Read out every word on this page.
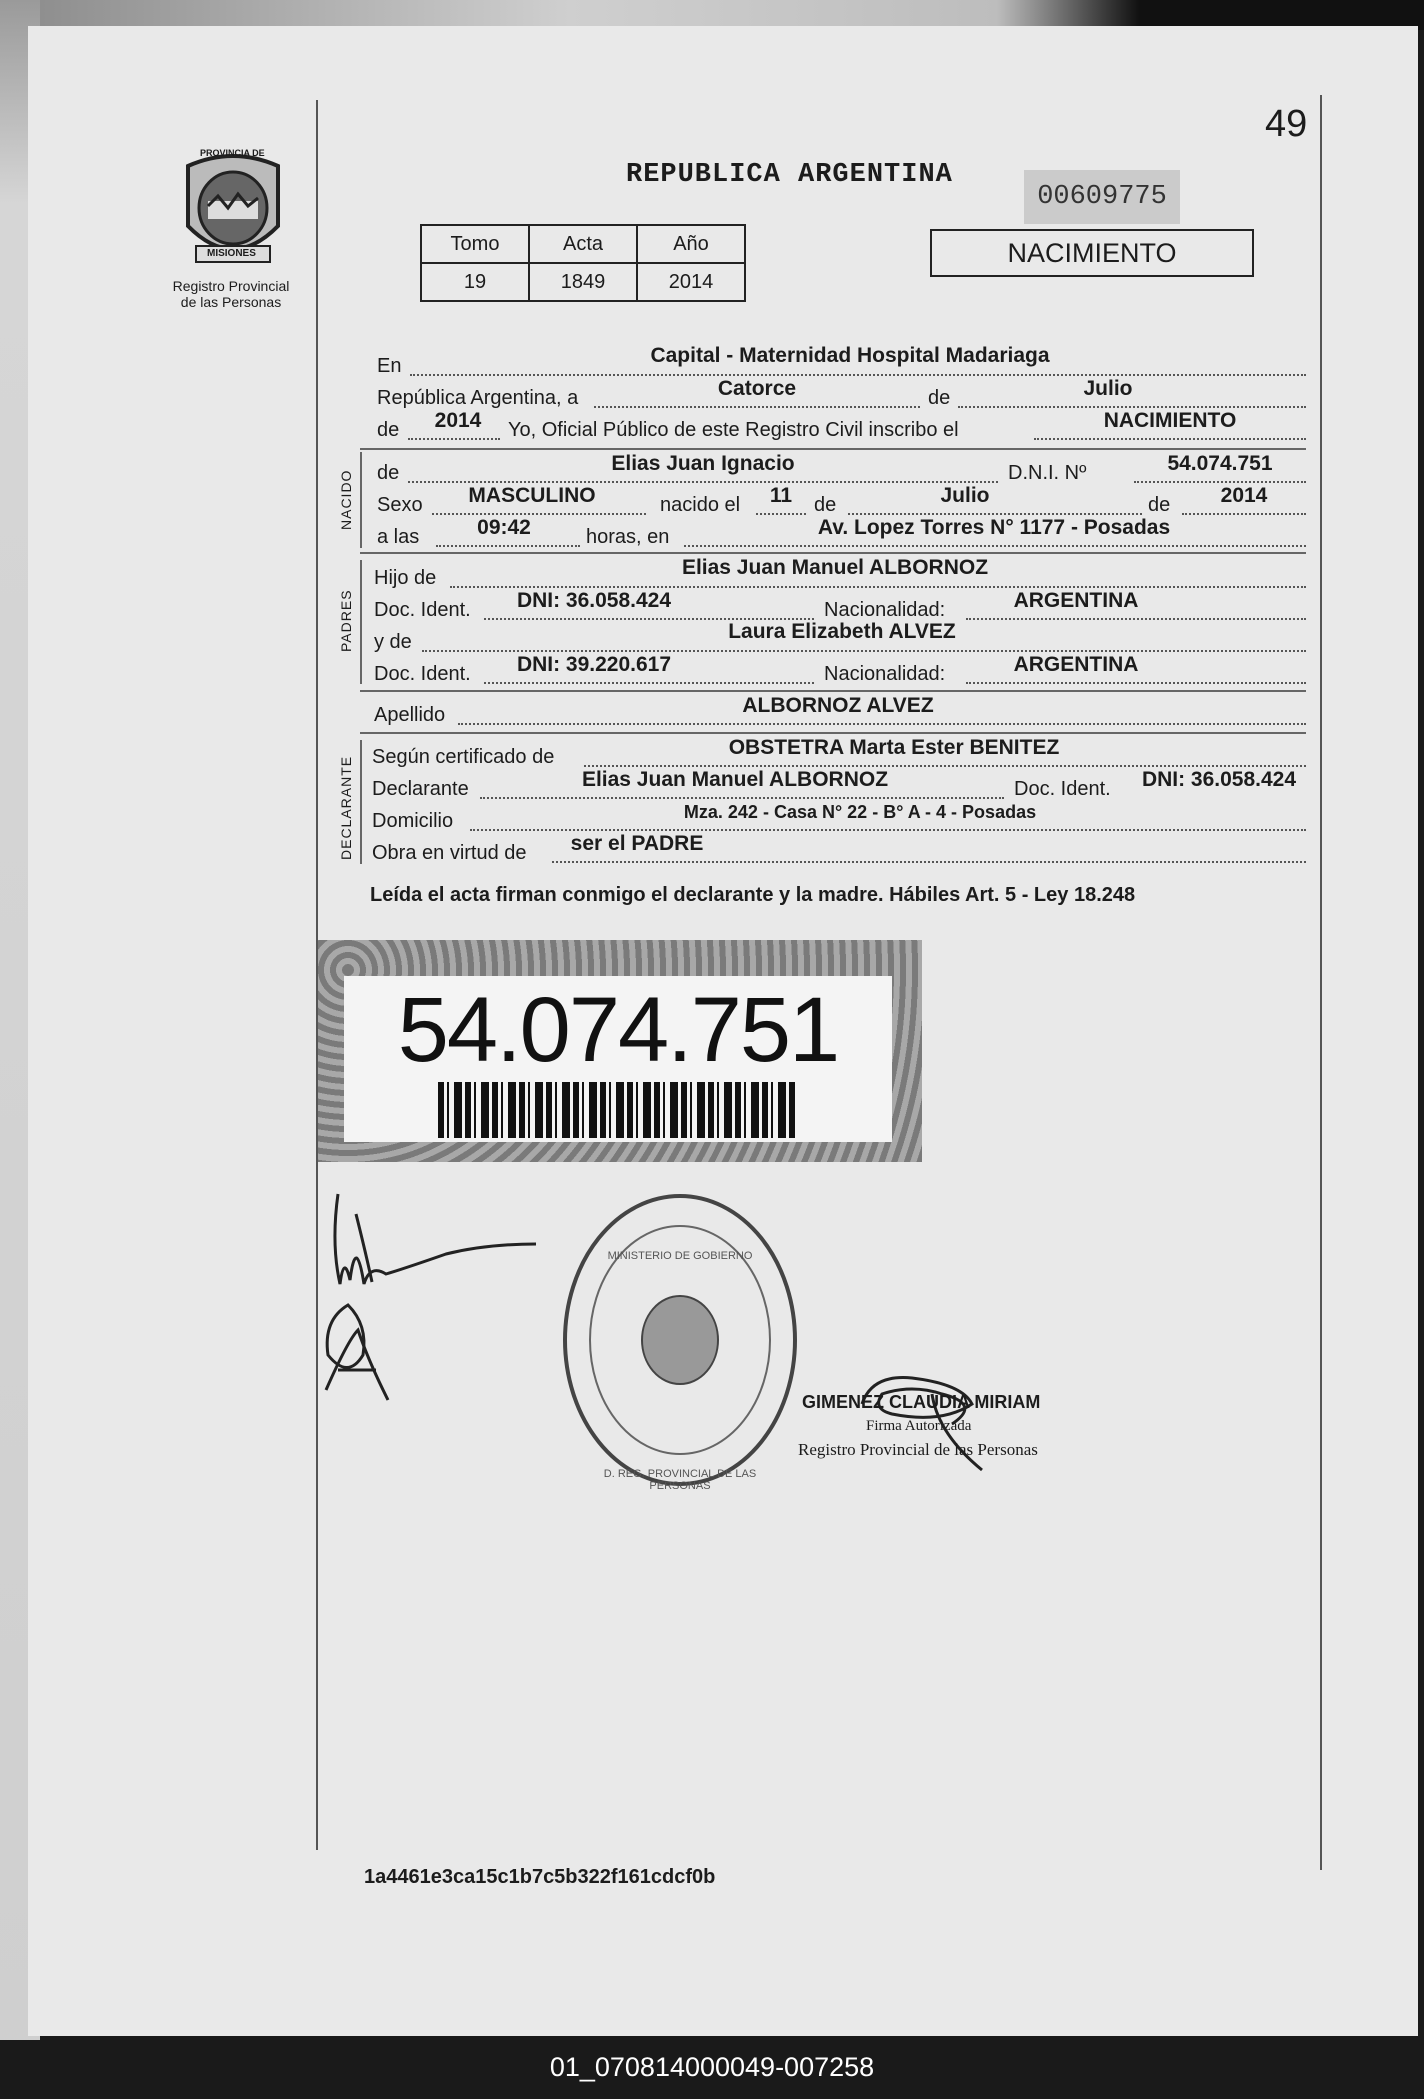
49
PROVINCIA DE
MISIONES
Registro Provincial
de las Personas
REPUBLICA ARGENTINA
00609775
NACIMIENTO
Tomo	Acta	Año
19	1849	2014
En	Capital - Maternidad Hospital Madariaga
República Argentina, a	Catorce	de	Julio
de	2014	Yo, Oficial Público de este Registro Civil inscribo el	NACIMIENTO
NACIDO de	Elias Juan Ignacio	D.N.I. Nº	54.074.751
Sexo	MASCULINO	nacido el	11	de	Julio	de	2014
a las	09:42	horas, en	Av. Lopez Torres N° 1177 - Posadas
PADRES
Hijo de	Elias Juan Manuel ALBORNOZ
Doc. Ident.	DNI: 36.058.424	Nacionalidad:	ARGENTINA
y de	Laura Elizabeth ALVEZ
Doc. Ident.	DNI: 39.220.617	Nacionalidad:	ARGENTINA
Apellido	ALBORNOZ ALVEZ
DECLARANTE Según certificado de	OBSTETRA Marta Ester BENITEZ
Declarante	Elias Juan Manuel ALBORNOZ	Doc. Ident.	DNI: 36.058.424
Domicilio	Mza. 242 - Casa N° 22 - B° A - 4 - Posadas
Obra en virtud de	ser el PADRE
Leída el acta firman conmigo el declarante y la madre. Hábiles Art. 5 - Ley 18.248
54.074.751
D. REG. PROVINCIAL DE LAS PERSONAS
MINISTERIO DE GOBIERNO
GIMENEZ CLAUDIA MIRIAM
Firma Autorizada
Registro Provincial de las Personas
1a4461e3ca15c1b7c5b322f161cdcf0b
01_070814000049-007258
